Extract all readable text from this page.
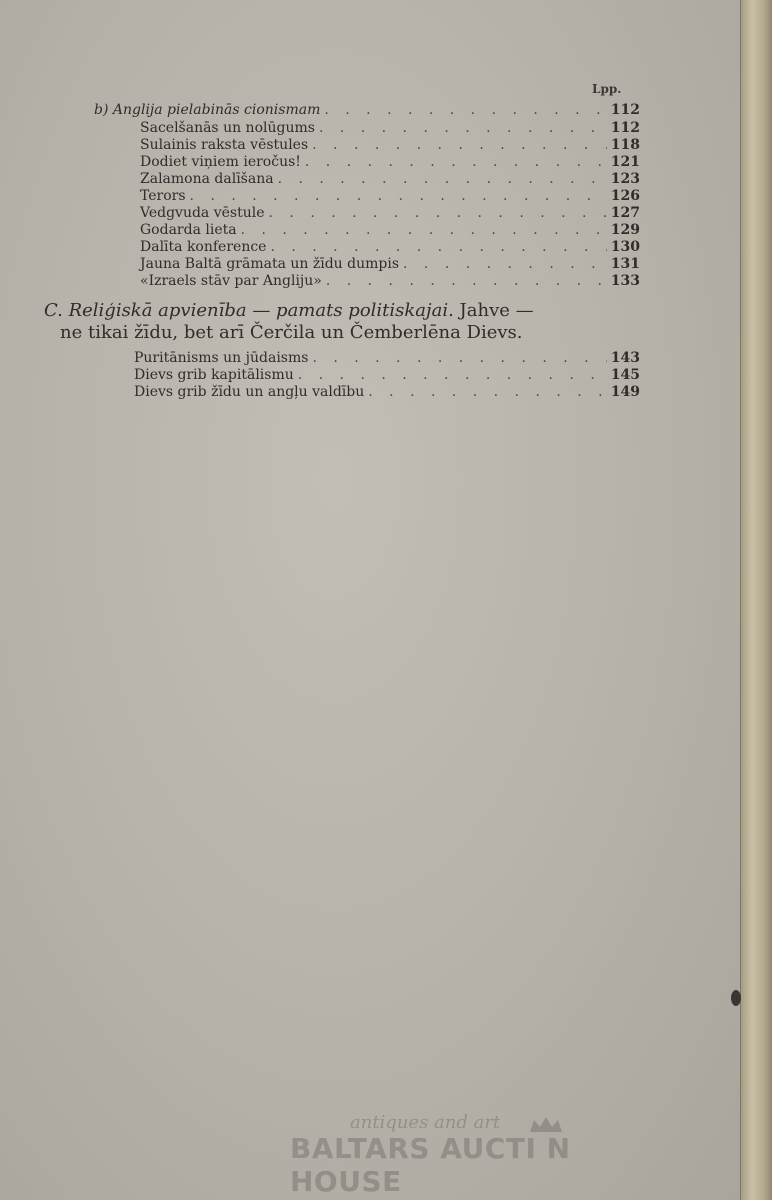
Lpp.
b) Anglija pielabinās cionismam . . .	112
Sacelšanās un nolūgums . . .	112
Sulainis raksta vēstules . . .	118
Dodiet viņiem ieročus! . . .	121
Zalamona dalīšana . . .	123
Terors . . .	126
Vedgvuda vēstule . . .	127
Godarda lieta . . .	129
Dalīta konference . . .	130
Jauna Baltā grāmata un žīdu dumpis . . .	131
«Izraels stāv par Angliju» . . .	133
C. Reliģiskā apvienība — pamats politiskajai. Jahve —
ne tikai žīdu, bet arī Čerčila un Čemberlēna Dievs.
Puritānisms un jūdaisms . . .	143
Dievs grib kapitālismu . . .	145
Dievs grib žīdu un angļu valdību . . .	149
antiques and art
BALTARS AUCTI N HOUSE
